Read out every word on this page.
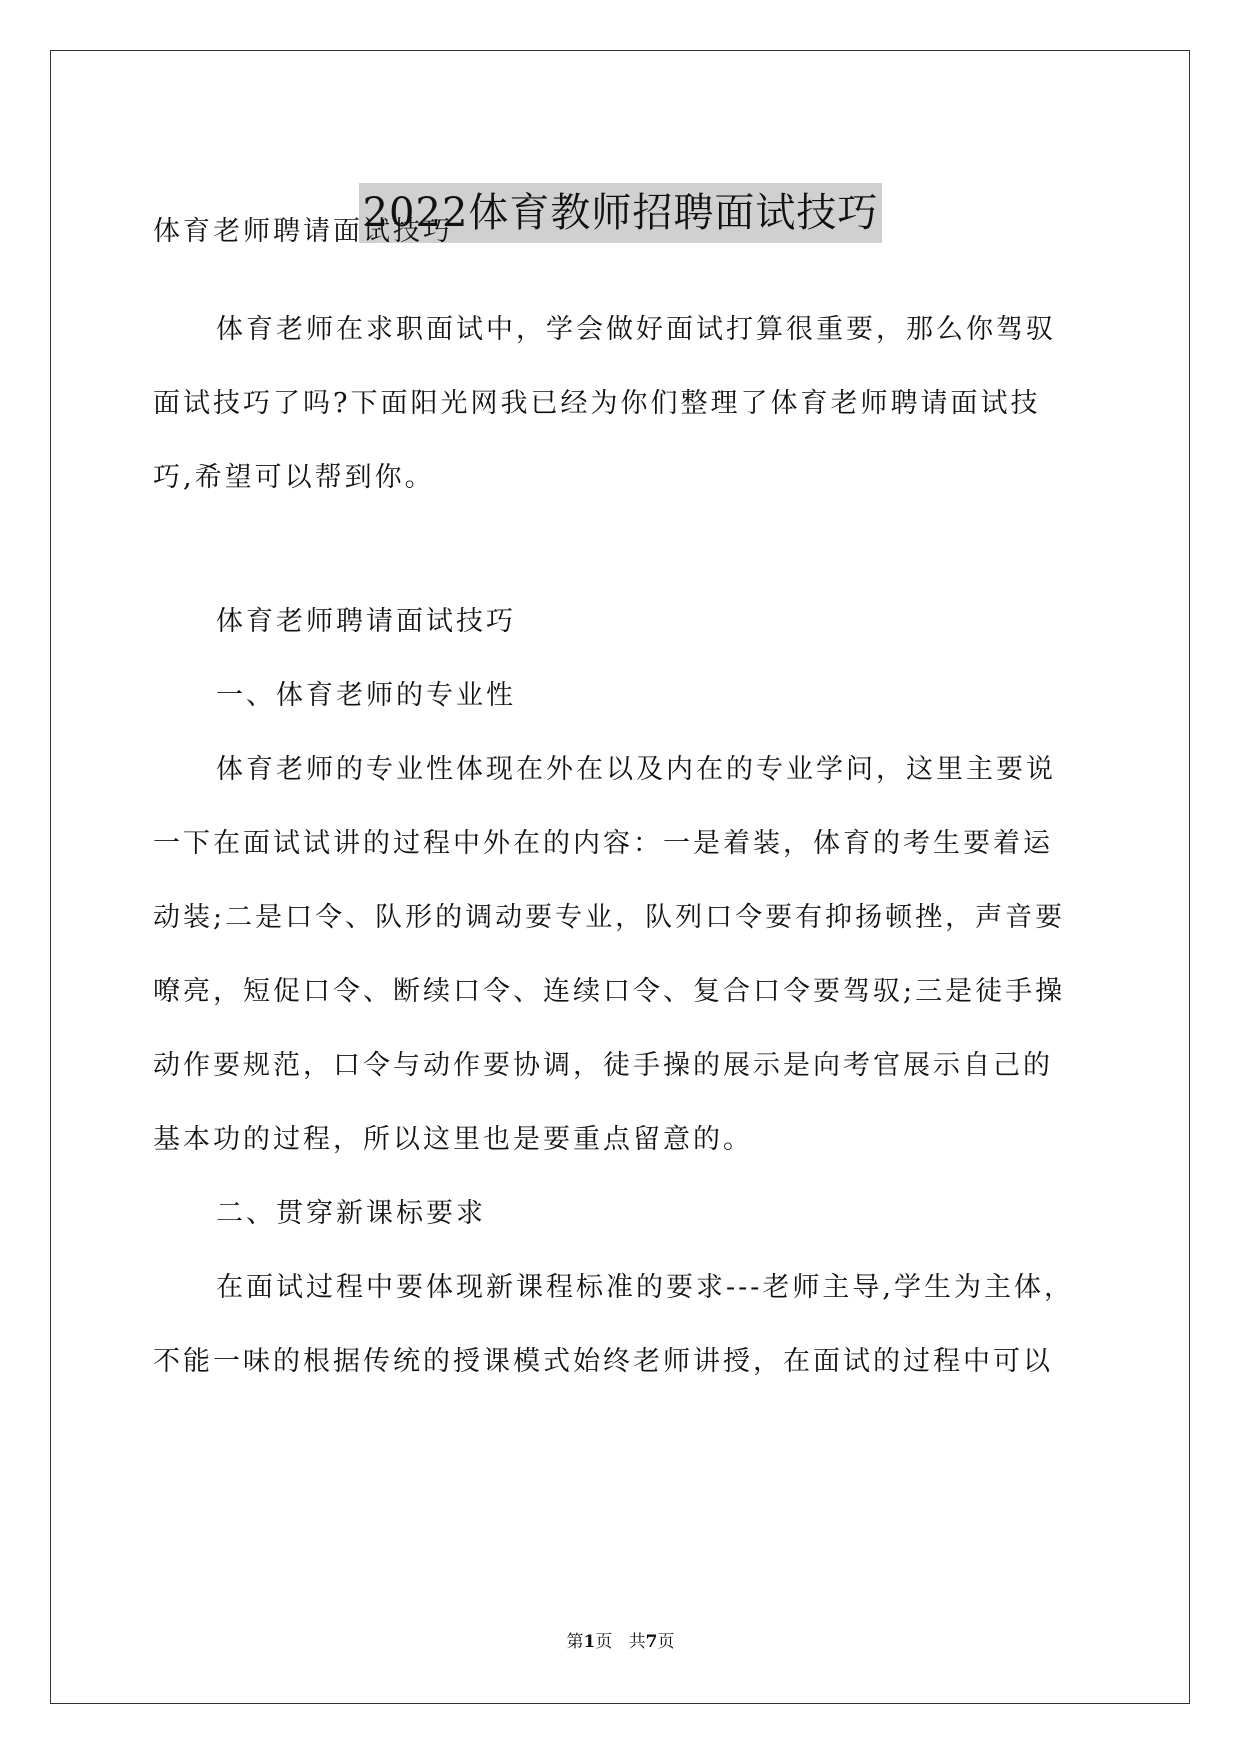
2022体育教师招聘面试技巧
体育老师聘请面试技巧
体育老师在求职面试中，学会做好面试打算很重要，那么你驾驭
面试技巧了吗?下面阳光网我已经为你们整理了体育老师聘请面试技
巧,希望可以帮到你。
体育老师聘请面试技巧
一、体育老师的专业性
体育老师的专业性体现在外在以及内在的专业学问，这里主要说
一下在面试试讲的过程中外在的内容：一是着装，体育的考生要着运
动装;二是口令、队形的调动要专业，队列口令要有抑扬顿挫，声音要
嘹亮，短促口令、断续口令、连续口令、复合口令要驾驭;三是徒手操
动作要规范，口令与动作要协调，徒手操的展示是向考官展示自己的
基本功的过程，所以这里也是要重点留意的。
二、贯穿新课标要求
在面试过程中要体现新课程标准的要求---老师主导,学生为主体，
不能一味的根据传统的授课模式始终老师讲授，在面试的过程中可以
第1页 共7页
